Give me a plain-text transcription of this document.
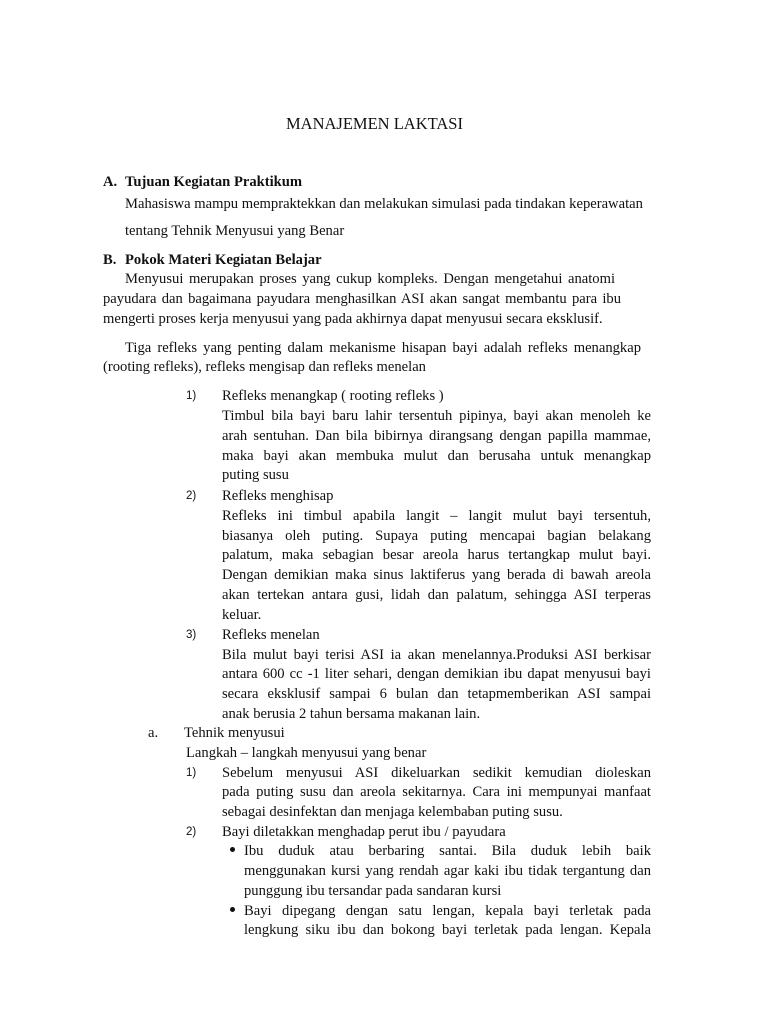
MANAJEMEN LAKTASI
A. Tujuan Kegiatan Praktikum
Mahasiswa mampu mempraktekkan dan melakukan simulasi pada tindakan keperawatan
tentang Tehnik Menyusui yang Benar
B. Pokok Materi Kegiatan Belajar
Menyusui merupakan proses yang cukup kompleks. Dengan mengetahui anatomi
payudara dan bagaimana payudara menghasilkan ASI akan sangat membantu para ibu
mengerti proses kerja menyusui yang pada akhirnya dapat menyusui secara eksklusif.
Tiga refleks yang penting dalam mekanisme hisapan bayi adalah refleks menangkap
(rooting refleks), refleks mengisap dan refleks menelan
1) Refleks menangkap ( rooting refleks )
Timbul bila bayi baru lahir tersentuh pipinya, bayi akan menoleh ke
arah sentuhan. Dan bila bibirnya dirangsang dengan papilla mammae,
maka bayi akan membuka mulut dan berusaha untuk menangkap
puting susu
2) Refleks menghisap
Refleks ini timbul apabila langit – langit mulut bayi tersentuh,
biasanya oleh puting. Supaya puting mencapai bagian belakang
palatum, maka sebagian besar areola harus tertangkap mulut bayi.
Dengan demikian maka sinus laktiferus yang berada di bawah areola
akan tertekan antara gusi, lidah dan palatum, sehingga ASI terperas
keluar.
3) Refleks menelan
Bila mulut bayi terisi ASI ia akan menelannya.Produksi ASI berkisar
antara 600 cc -1 liter sehari, dengan demikian ibu dapat menyusui bayi
secara eksklusif sampai 6 bulan dan tetapmemberikan ASI sampai
anak berusia 2 tahun bersama makanan lain.
a. Tehnik menyusui
Langkah – langkah menyusui yang benar
1) Sebelum menyusui ASI dikeluarkan sedikit kemudian dioleskan
pada puting susu dan areola sekitarnya. Cara ini mempunyai manfaat
sebagai desinfektan dan menjaga kelembaban puting susu.
2) Bayi diletakkan menghadap perut ibu / payudara
Ibu duduk atau berbaring santai. Bila duduk lebih baik
menggunakan kursi yang rendah agar kaki ibu tidak tergantung dan
punggung ibu tersandar pada sandaran kursi
Bayi dipegang dengan satu lengan, kepala bayi terletak pada
lengkung siku ibu dan bokong bayi terletak pada lengan. Kepala
